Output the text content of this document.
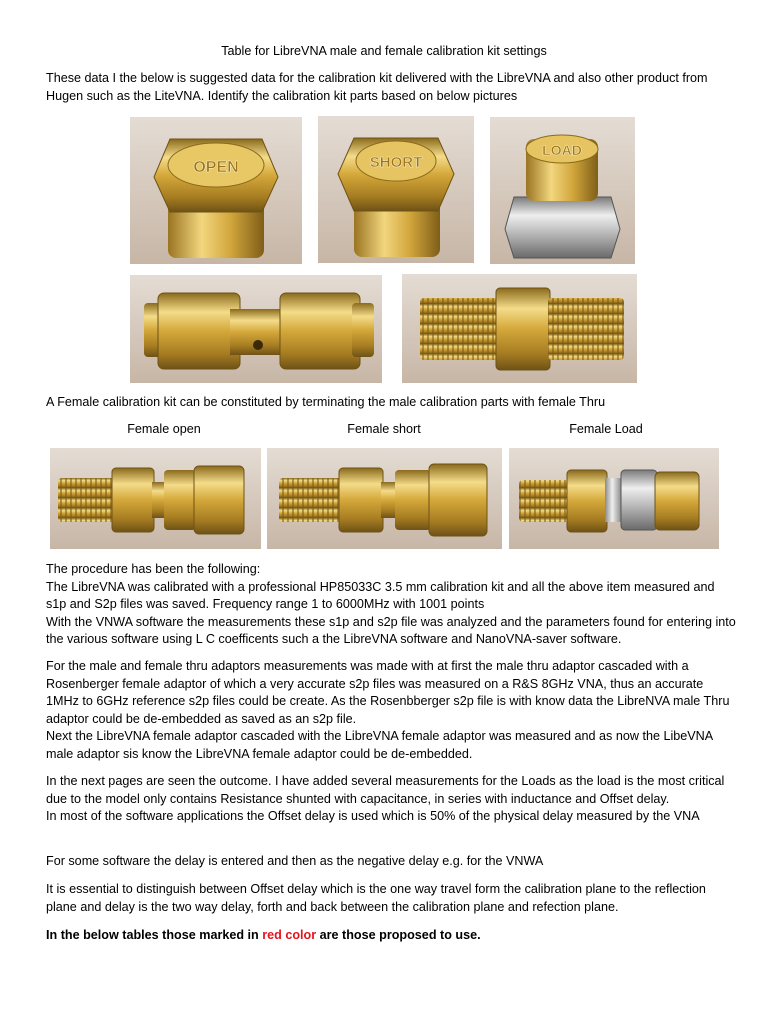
Table for LibreVNA male and female calibration kit settings
These data I the below is suggested data for the calibration kit delivered with the LibreVNA and also other product from Hugen such as the LiteVNA. Identify the calibration kit parts based on below pictures
OPEN	SHORT
LOAD
A Female calibration kit can be constituted by terminating the male calibration parts with female Thru
Female open	Female short	Female Load

The procedure has been the following:

The LibreVNA was calibrated with a professional HP85033C 3.5 mm calibration kit and all the above item measured and s1p and S2p files was saved. Frequency range 1 to 6000MHz with 1001 points

With the VNWA software the measurements these s1p and s2p file was analyzed and the parameters found for entering into the various software using L C coefficents such a the LibreVNA software and NanoVNA-saver software.

For the male and female thru adaptors measurements was made with at first the male thru adaptor cascaded with a Rosenberger female adaptor of which a very accurate s2p files was measured on a R&S 8GHz VNA, thus an accurate 1MHz to 6GHz reference s2p files could be create. As the Rosenbberger s2p file is with know data the LibreNVA male Thru adaptor could be de-embedded as saved as an s2p file.

Next the LibreVNA female adaptor cascaded with the LibreVNA female adaptor was measured and as now the LibeVNA male adaptor sis know the LibreVNA female adaptor could be de-embedded.

In the next pages are seen the outcome. I have added several measurements for the Loads as the load is the most critical due to the model only contains Resistance shunted with capacitance, in series with inductance and Offset delay.

In most of the software applications the Offset delay is used which is 50% of the physical delay measured by the VNA

For some software the delay is entered and then as the negative delay e.g. for the VNWA
It is essential to distinguish between Offset delay which is the one way travel form the calibration plane to the reflection plane and delay is the two way delay, forth and back between the calibration plane and refection plane.
In the below tables those marked in red color are those proposed to use.
